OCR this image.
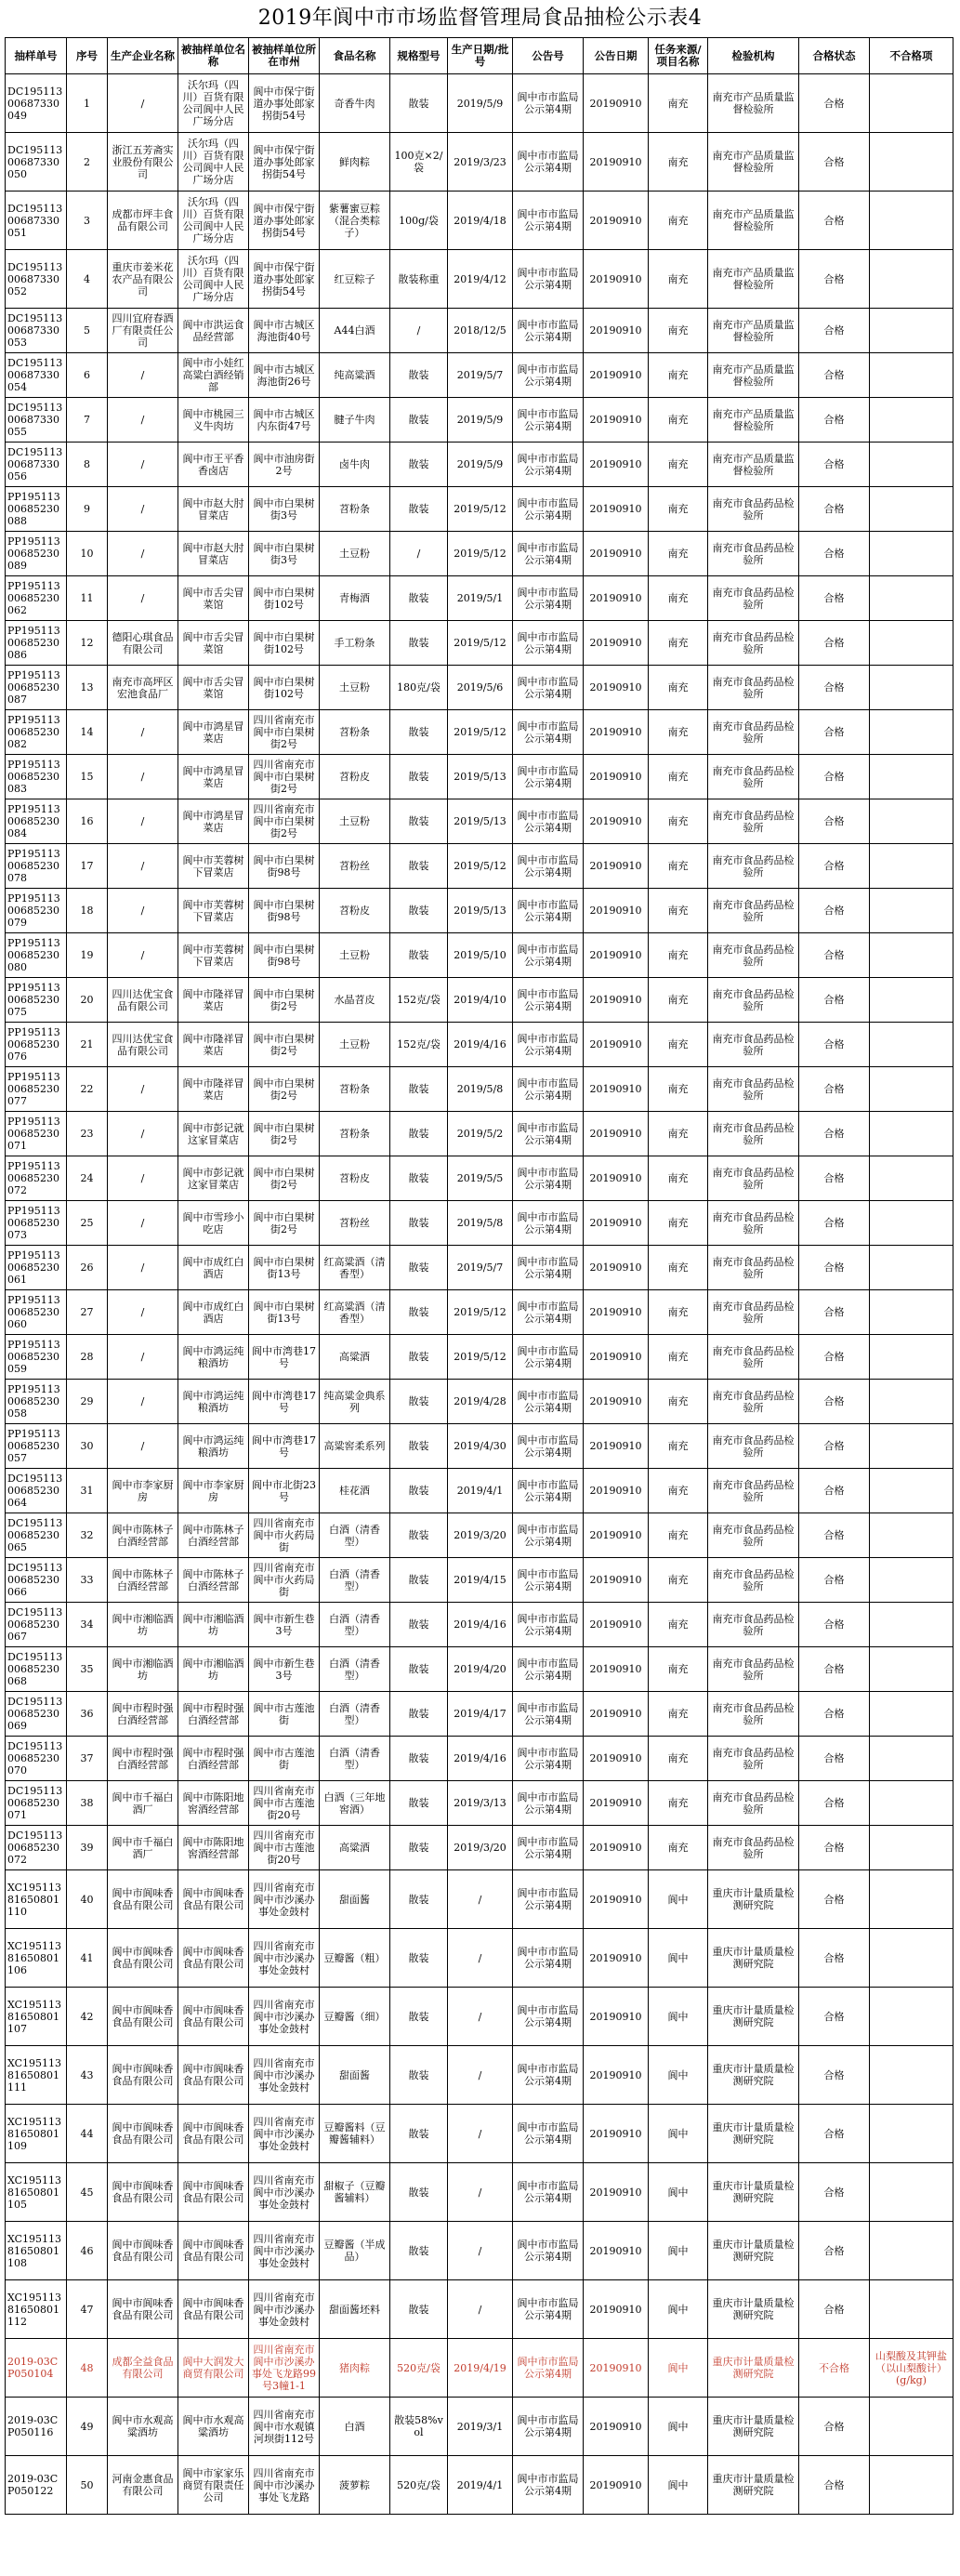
2019年阆中市市场监督管理局食品抽检公示表4
抽样单号	序号	生产企业名称	被抽样单位名称	被抽样单位所在市州	食品名称	规格型号	生产日期/批号	公告号	公告日期	任务来源/项目名称	检验机构	合格状态	不合格项
DC19511300687330049	1	/	沃尔玛（四川）百货有限公司阆中人民广场分店	阆中市保宁街道办事处郎家拐街54号	奇香牛肉	散装	2019/5/9	阆中市市监局公示第4期	20190910	南充	南充市产品质量监督检验所	合格	
DC19511300687330050	2	浙江五芳斋实业股份有限公司	沃尔玛（四川）百货有限公司阆中人民广场分店	阆中市保宁街道办事处郎家拐街54号	鲜肉粽	100克×2/袋	2019/3/23	阆中市市监局公示第4期	20190910	南充	南充市产品质量监督检验所	合格	
DC19511300687330051	3	成都市坪丰食品有限公司	沃尔玛（四川）百货有限公司阆中人民广场分店	阆中市保宁街道办事处郎家拐街54号	紫薯蜜豆粽（混合类粽子）	100g/袋	2019/4/18	阆中市市监局公示第4期	20190910	南充	南充市产品质量监督检验所	合格	
DC19511300687330052	4	重庆市姜米花农产品有限公司	沃尔玛（四川）百货有限公司阆中人民广场分店	阆中市保宁街道办事处郎家拐街54号	红豆粽子	散装称重	2019/4/12	阆中市市监局公示第4期	20190910	南充	南充市产品质量监督检验所	合格	
DC19511300687330053	5	四川宜府春酒厂有限责任公司	阆中市洪运食品经营部	阆中市古城区海池街40号	A44白酒	/	2018/12/5	阆中市市监局公示第4期	20190910	南充	南充市产品质量监督检验所	合格	
DC19511300687330054	6	/	阆中市小娃红高粱白酒经销部	阆中市古城区海池街26号	纯高粱酒	散装	2019/5/7	阆中市市监局公示第4期	20190910	南充	南充市产品质量监督检验所	合格	
DC19511300687330055	7	/	阆中市桃园三义牛肉坊	阆中市古城区内东街47号	腱子牛肉	散装	2019/5/9	阆中市市监局公示第4期	20190910	南充	南充市产品质量监督检验所	合格	
DC19511300687330056	8	/	阆中市王平香香卤店	阆中市油房街2号	卤牛肉	散装	2019/5/9	阆中市市监局公示第4期	20190910	南充	南充市产品质量监督检验所	合格	
PP19511300685230088	9	/	阆中市赵大肘冒菜店	阆中市白果树街3号	苕粉条	散装	2019/5/12	阆中市市监局公示第4期	20190910	南充	南充市食品药品检验所	合格	
PP19511300685230089	10	/	阆中市赵大肘冒菜店	阆中市白果树街3号	土豆粉	/	2019/5/12	阆中市市监局公示第4期	20190910	南充	南充市食品药品检验所	合格	
PP19511300685230062	11	/	阆中市舌尖冒菜馆	阆中市白果树街102号	青梅酒	散装	2019/5/1	阆中市市监局公示第4期	20190910	南充	南充市食品药品检验所	合格	
PP19511300685230086	12	德阳心琪食品有限公司	阆中市舌尖冒菜馆	阆中市白果树街102号	手工粉条	散装	2019/5/12	阆中市市监局公示第4期	20190910	南充	南充市食品药品检验所	合格	
PP19511300685230087	13	南充市高坪区宏池食品厂	阆中市舌尖冒菜馆	阆中市白果树街102号	土豆粉	180克/袋	2019/5/6	阆中市市监局公示第4期	20190910	南充	南充市食品药品检验所	合格	
PP19511300685230082	14	/	阆中市鸿星冒菜店	四川省南充市阆中市白果树街2号	苕粉条	散装	2019/5/12	阆中市市监局公示第4期	20190910	南充	南充市食品药品检验所	合格	
PP19511300685230083	15	/	阆中市鸿星冒菜店	四川省南充市阆中市白果树街2号	苕粉皮	散装	2019/5/13	阆中市市监局公示第4期	20190910	南充	南充市食品药品检验所	合格	
PP19511300685230084	16	/	阆中市鸿星冒菜店	四川省南充市阆中市白果树街2号	土豆粉	散装	2019/5/13	阆中市市监局公示第4期	20190910	南充	南充市食品药品检验所	合格	
PP19511300685230078	17	/	阆中市芙蓉树下冒菜店	阆中市白果树街98号	苕粉丝	散装	2019/5/12	阆中市市监局公示第4期	20190910	南充	南充市食品药品检验所	合格	
PP19511300685230079	18	/	阆中市芙蓉树下冒菜店	阆中市白果树街98号	苕粉皮	散装	2019/5/13	阆中市市监局公示第4期	20190910	南充	南充市食品药品检验所	合格	
PP19511300685230080	19	/	阆中市芙蓉树下冒菜店	阆中市白果树街98号	土豆粉	散装	2019/5/10	阆中市市监局公示第4期	20190910	南充	南充市食品药品检验所	合格	
PP19511300685230075	20	四川达优宝食品有限公司	阆中市隆祥冒菜店	阆中市白果树街2号	水晶苕皮	152克/袋	2019/4/10	阆中市市监局公示第4期	20190910	南充	南充市食品药品检验所	合格	
PP19511300685230076	21	四川达优宝食品有限公司	阆中市隆祥冒菜店	阆中市白果树街2号	土豆粉	152克/袋	2019/4/16	阆中市市监局公示第4期	20190910	南充	南充市食品药品检验所	合格	
PP19511300685230077	22	/	阆中市隆祥冒菜店	阆中市白果树街2号	苕粉条	散装	2019/5/8	阆中市市监局公示第4期	20190910	南充	南充市食品药品检验所	合格	
PP19511300685230071	23	/	阆中市彭记就这家冒菜店	阆中市白果树街2号	苕粉条	散装	2019/5/2	阆中市市监局公示第4期	20190910	南充	南充市食品药品检验所	合格	
PP19511300685230072	24	/	阆中市彭记就这家冒菜店	阆中市白果树街2号	苕粉皮	散装	2019/5/5	阆中市市监局公示第4期	20190910	南充	南充市食品药品检验所	合格	
PP19511300685230073	25	/	阆中市雪珍小吃店	阆中市白果树街2号	苕粉丝	散装	2019/5/8	阆中市市监局公示第4期	20190910	南充	南充市食品药品检验所	合格	
PP19511300685230061	26	/	阆中市成红白酒店	阆中市白果树街13号	红高粱酒（清香型）	散装	2019/5/7	阆中市市监局公示第4期	20190910	南充	南充市食品药品检验所	合格	
PP19511300685230060	27	/	阆中市成红白酒店	阆中市白果树街13号	红高粱酒（清香型）	散装	2019/5/12	阆中市市监局公示第4期	20190910	南充	南充市食品药品检验所	合格	
PP19511300685230059	28	/	阆中市鸿运纯粮酒坊	阆中市湾巷17号	高粱酒	散装	2019/5/12	阆中市市监局公示第4期	20190910	南充	南充市食品药品检验所	合格	
PP19511300685230058	29	/	阆中市鸿运纯粮酒坊	阆中市湾巷17号	纯高粱金典系列	散装	2019/4/28	阆中市市监局公示第4期	20190910	南充	南充市食品药品检验所	合格	
PP19511300685230057	30	/	阆中市鸿运纯粮酒坊	阆中市湾巷17号	高粱窖柔系列	散装	2019/4/30	阆中市市监局公示第4期	20190910	南充	南充市食品药品检验所	合格	
DC19511300685230064	31	阆中市李家厨房	阆中市李家厨房	阆中市北街23号	桂花酒	散装	2019/4/1	阆中市市监局公示第4期	20190910	南充	南充市食品药品检验所	合格	
DC19511300685230065	32	阆中市陈林子白酒经营部	阆中市陈林子白酒经营部	四川省南充市阆中市火药局街	白酒（清香型）	散装	2019/3/20	阆中市市监局公示第4期	20190910	南充	南充市食品药品检验所	合格	
DC19511300685230066	33	阆中市陈林子白酒经营部	阆中市陈林子白酒经营部	四川省南充市阆中市火药局街	白酒（清香型）	散装	2019/4/15	阆中市市监局公示第4期	20190910	南充	南充市食品药品检验所	合格	
DC19511300685230067	34	阆中市湘临酒坊	阆中市湘临酒坊	阆中市新生巷3号	白酒（清香型）	散装	2019/4/16	阆中市市监局公示第4期	20190910	南充	南充市食品药品检验所	合格	
DC19511300685230068	35	阆中市湘临酒坊	阆中市湘临酒坊	阆中市新生巷3号	白酒（清香型）	散装	2019/4/20	阆中市市监局公示第4期	20190910	南充	南充市食品药品检验所	合格	
DC19511300685230069	36	阆中市程时强白酒经营部	阆中市程时强白酒经营部	阆中市古莲池街	白酒（清香型）	散装	2019/4/17	阆中市市监局公示第4期	20190910	南充	南充市食品药品检验所	合格	
DC19511300685230070	37	阆中市程时强白酒经营部	阆中市程时强白酒经营部	阆中市古莲池街	白酒（清香型）	散装	2019/4/16	阆中市市监局公示第4期	20190910	南充	南充市食品药品检验所	合格	
DC19511300685230071	38	阆中市千福白酒厂	阆中市陈阳地窖酒经营部	四川省南充市阆中市古莲池街20号	白酒（三年地窖酒）	散装	2019/3/13	阆中市市监局公示第4期	20190910	南充	南充市食品药品检验所	合格	
DC19511300685230072	39	阆中市千福白酒厂	阆中市陈阳地窖酒经营部	四川省南充市阆中市古莲池街20号	高粱酒	散装	2019/3/20	阆中市市监局公示第4期	20190910	南充	南充市食品药品检验所	合格	
XC19511381650801110	40	阆中市阆味香食品有限公司	阆中市阆味香食品有限公司	四川省南充市阆中市沙溪办事处金鼓村	甜面酱	散装	/	阆中市市监局公示第4期	20190910	阆中	重庆市计量质量检测研究院	合格	
XC19511381650801106	41	阆中市阆味香食品有限公司	阆中市阆味香食品有限公司	四川省南充市阆中市沙溪办事处金鼓村	豆瓣酱（粗）	散装	/	阆中市市监局公示第4期	20190910	阆中	重庆市计量质量检测研究院	合格	
XC19511381650801107	42	阆中市阆味香食品有限公司	阆中市阆味香食品有限公司	四川省南充市阆中市沙溪办事处金鼓村	豆瓣酱（细）	散装	/	阆中市市监局公示第4期	20190910	阆中	重庆市计量质量检测研究院	合格	
XC19511381650801111	43	阆中市阆味香食品有限公司	阆中市阆味香食品有限公司	四川省南充市阆中市沙溪办事处金鼓村	甜面酱	散装	/	阆中市市监局公示第4期	20190910	阆中	重庆市计量质量检测研究院	合格	
XC19511381650801109	44	阆中市阆味香食品有限公司	阆中市阆味香食品有限公司	四川省南充市阆中市沙溪办事处金鼓村	豆瓣酱料（豆瓣酱辅料）	散装	/	阆中市市监局公示第4期	20190910	阆中	重庆市计量质量检测研究院	合格	
XC19511381650801105	45	阆中市阆味香食品有限公司	阆中市阆味香食品有限公司	四川省南充市阆中市沙溪办事处金鼓村	甜椒子（豆瓣酱辅料）	散装	/	阆中市市监局公示第4期	20190910	阆中	重庆市计量质量检测研究院	合格	
XC19511381650801108	46	阆中市阆味香食品有限公司	阆中市阆味香食品有限公司	四川省南充市阆中市沙溪办事处金鼓村	豆瓣酱（半成品）	散装	/	阆中市市监局公示第4期	20190910	阆中	重庆市计量质量检测研究院	合格	
XC19511381650801112	47	阆中市阆味香食品有限公司	阆中市阆味香食品有限公司	四川省南充市阆中市沙溪办事处金鼓村	甜面酱坯料	散装	/	阆中市市监局公示第4期	20190910	阆中	重庆市计量质量检测研究院	合格	
2019-03CP050104	48	成都全益食品有限公司	阆中大润发大商贸有限公司	四川省南充市阆中市沙溪办事处飞龙路99号3幢1-1	猪肉粽	520克/袋	2019/4/19	阆中市市监局公示第4期	20190910	阆中	重庆市计量质量检测研究院	不合格	山梨酸及其钾盐（以山梨酸计）(g/kg)
2019-03CP050116	49	阆中市水观高粱酒坊	阆中市水观高粱酒坊	四川省南充市阆中市水观镇河坝街112号	白酒	散装58%vol	2019/3/1	阆中市市监局公示第4期	20190910	阆中	重庆市计量质量检测研究院	合格	
2019-03CP050122	50	河南金惠食品有限公司	阆中市家家乐商贸有限责任公司	四川省南充市阆中市沙溪办事处飞龙路	菠萝粽	520克/袋	2019/4/1	阆中市市监局公示第4期	20190910	阆中	重庆市计量质量检测研究院	合格	
